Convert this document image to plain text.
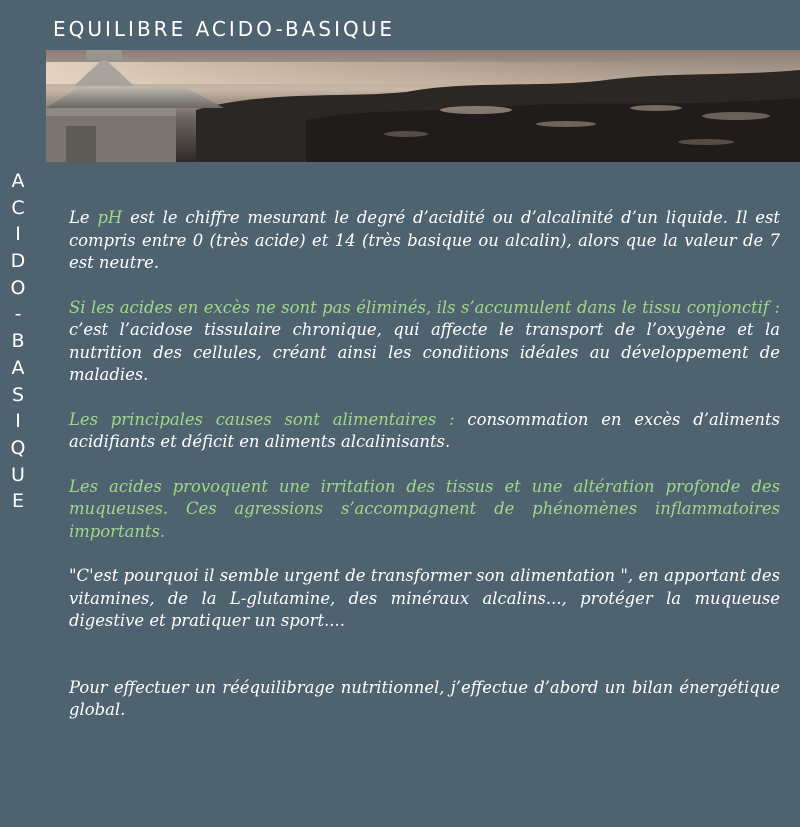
EQUILIBRE ACIDO-BASIQUE
A
C
I
D
O
-
B
A
S
I
Q
U
E

Le pH est le chiffre mesurant le degré d’acidité ou d’alcalinité d’un liquide. Il est compris entre 0 (très acide) et 14 (très basique ou alcalin), alors que la valeur de 7 est neutre.

Si les acides en excès ne sont pas éliminés, ils s’accumulent dans le tissu conjonctif : c’est l’acidose tissulaire chronique, qui affecte le transport de l’oxygène et la nutrition des cellules, créant ainsi les conditions idéales au développement de maladies.

Les principales causes sont alimentaires : consommation en excès d’aliments acidifiants et déficit en aliments alcalinisants.

Les acides provoquent une irritation des tissus et une altération profonde des muqueuses. Ces agressions s’accompagnent de phénomènes inflammatoires importants.

"C'est pourquoi il semble urgent de transformer son alimentation ", en apportant des vitamines, de la L-glutamine, des minéraux alcalins..., protéger la muqueuse digestive et pratiquer un sport....

Pour effectuer un rééquilibrage nutritionnel, j’effectue d’abord un bilan énergétique global.
